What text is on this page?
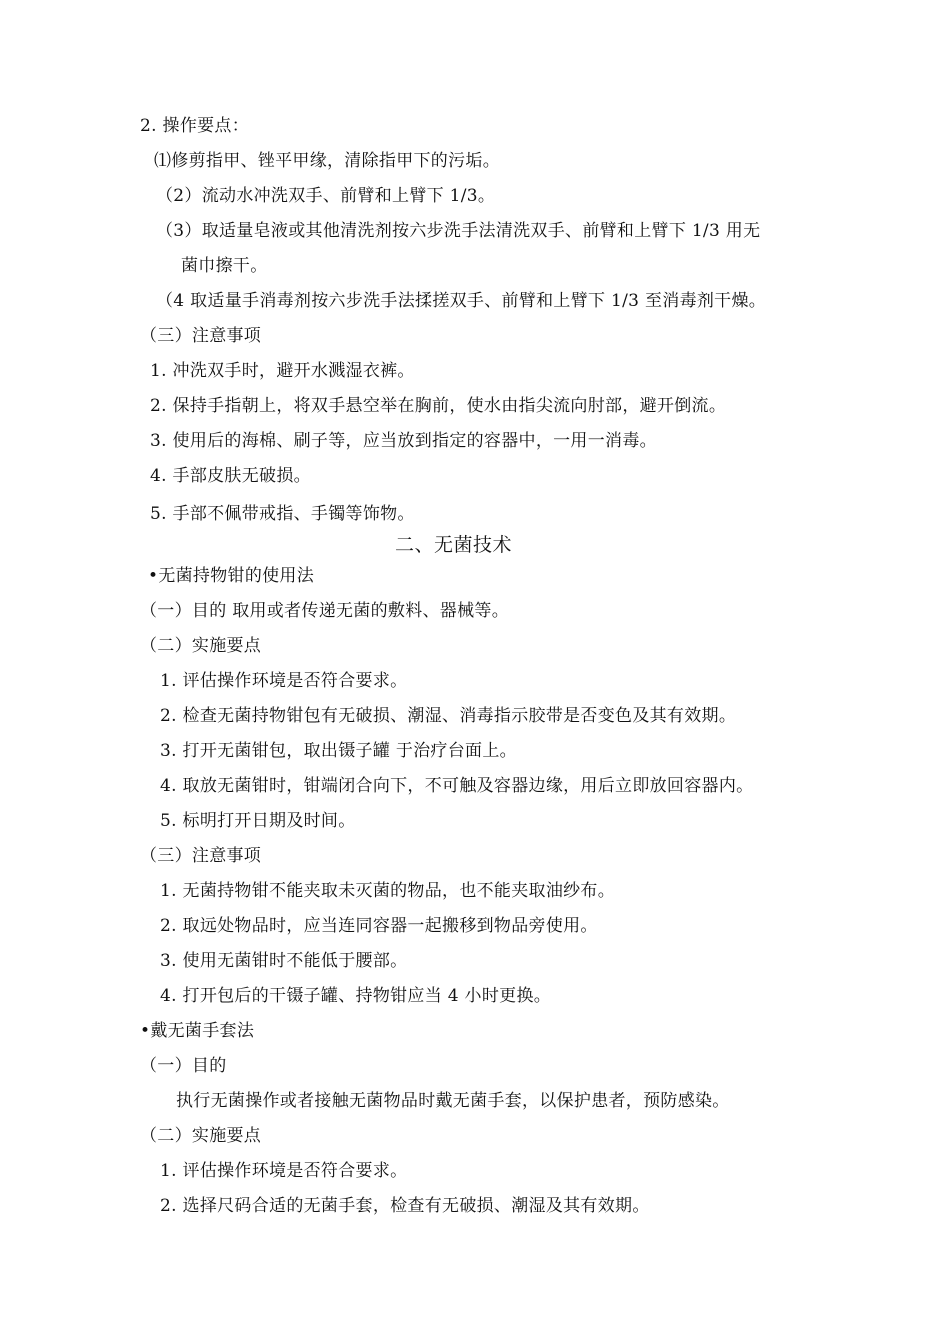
2. 操作要点：
⑴修剪指甲、锉平甲缘，清除指甲下的污垢。
（2）流动水冲洗双手、前臂和上臂下 1/3。
（3）取适量皂液或其他清洗剂按六步洗手法清洗双手、前臂和上臂下 1/3 用无
菌巾擦干。
（4 取适量手消毒剂按六步洗手法揉搓双手、前臂和上臂下 1/3 至消毒剂干燥。
（三）注意事项
1. 冲洗双手时，避开水溅湿衣裤。
2. 保持手指朝上，将双手悬空举在胸前，使水由指尖流向肘部，避开倒流。
3. 使用后的海棉、刷子等，应当放到指定的容器中，一用一消毒。
4. 手部皮肤无破损。
5. 手部不佩带戒指、手镯等饰物。
二、无菌技术
•无菌持物钳的使用法
（一）目的 取用或者传递无菌的敷料、器械等。
（二）实施要点
1. 评估操作环境是否符合要求。
2. 检查无菌持物钳包有无破损、潮湿、消毒指示胶带是否变色及其有效期。
3. 打开无菌钳包，取出镊子罐 于治疗台面上。
4. 取放无菌钳时，钳端闭合向下，不可触及容器边缘，用后立即放回容器内。
5. 标明打开日期及时间。
（三）注意事项
1. 无菌持物钳不能夹取未灭菌的物品，也不能夹取油纱布。
2. 取远处物品时，应当连同容器一起搬移到物品旁使用。
3. 使用无菌钳时不能低于腰部。
4. 打开包后的干镊子罐、持物钳应当 4 小时更换。
•戴无菌手套法
（一）目的
执行无菌操作或者接触无菌物品时戴无菌手套，以保护患者，预防感染。
（二）实施要点
1. 评估操作环境是否符合要求。
2. 选择尺码合适的无菌手套，检查有无破损、潮湿及其有效期。
